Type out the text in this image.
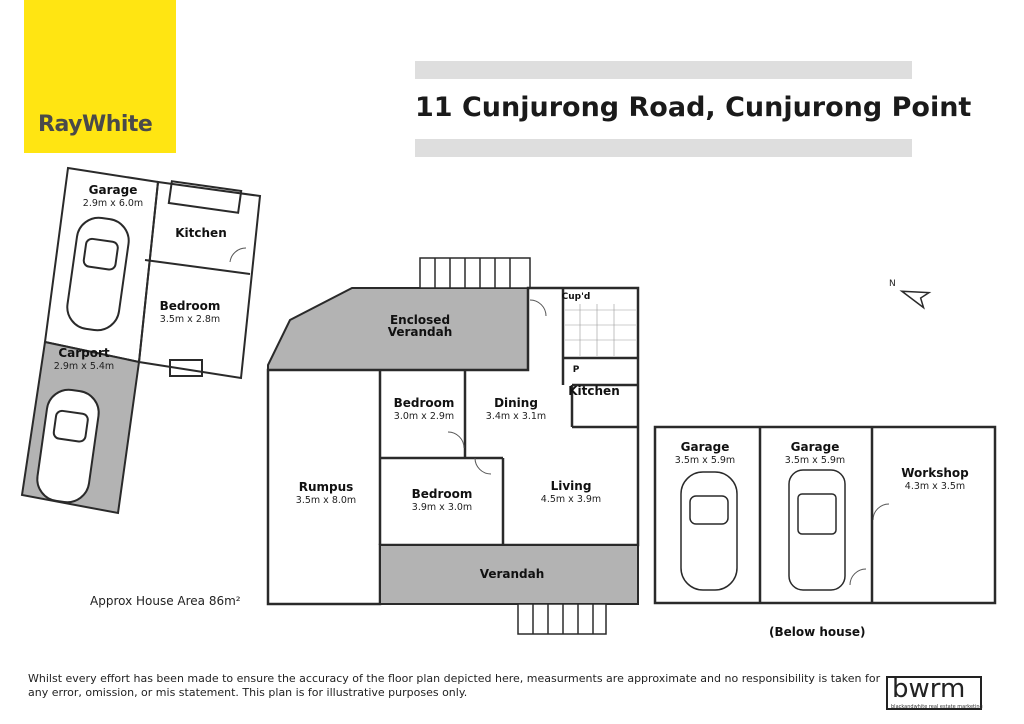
RayWhite
11 Cunjurong Road, Cunjurong Point
N
Garage
2.9m x 6.0m
Kitchen
Bedroom
3.5m x 2.8m
Carport
2.9m x 5.4m
Enclosed
Verandah
Cup'd
P
Kitchen
Bedroom
3.0m x 2.9m
Dining
3.4m x 3.1m
Rumpus
3.5m x 8.0m	Bedroom
3.9m x 3.0m
Living
4.5m x 3.9m
Verandah
Garage
3.5m x 5.9m
Garage
3.5m x 5.9m
Workshop
4.3m x 3.5m
Approx House Area 86m²
(Below house)
Whilst every effort has been made to ensure the accuracy of the floor plan depicted here, measurments are approximate and no responsibility is taken for any error, omission, or mis statement. This plan is for illustrative purposes only.	bwrm
blackandwhite real estate marketing
